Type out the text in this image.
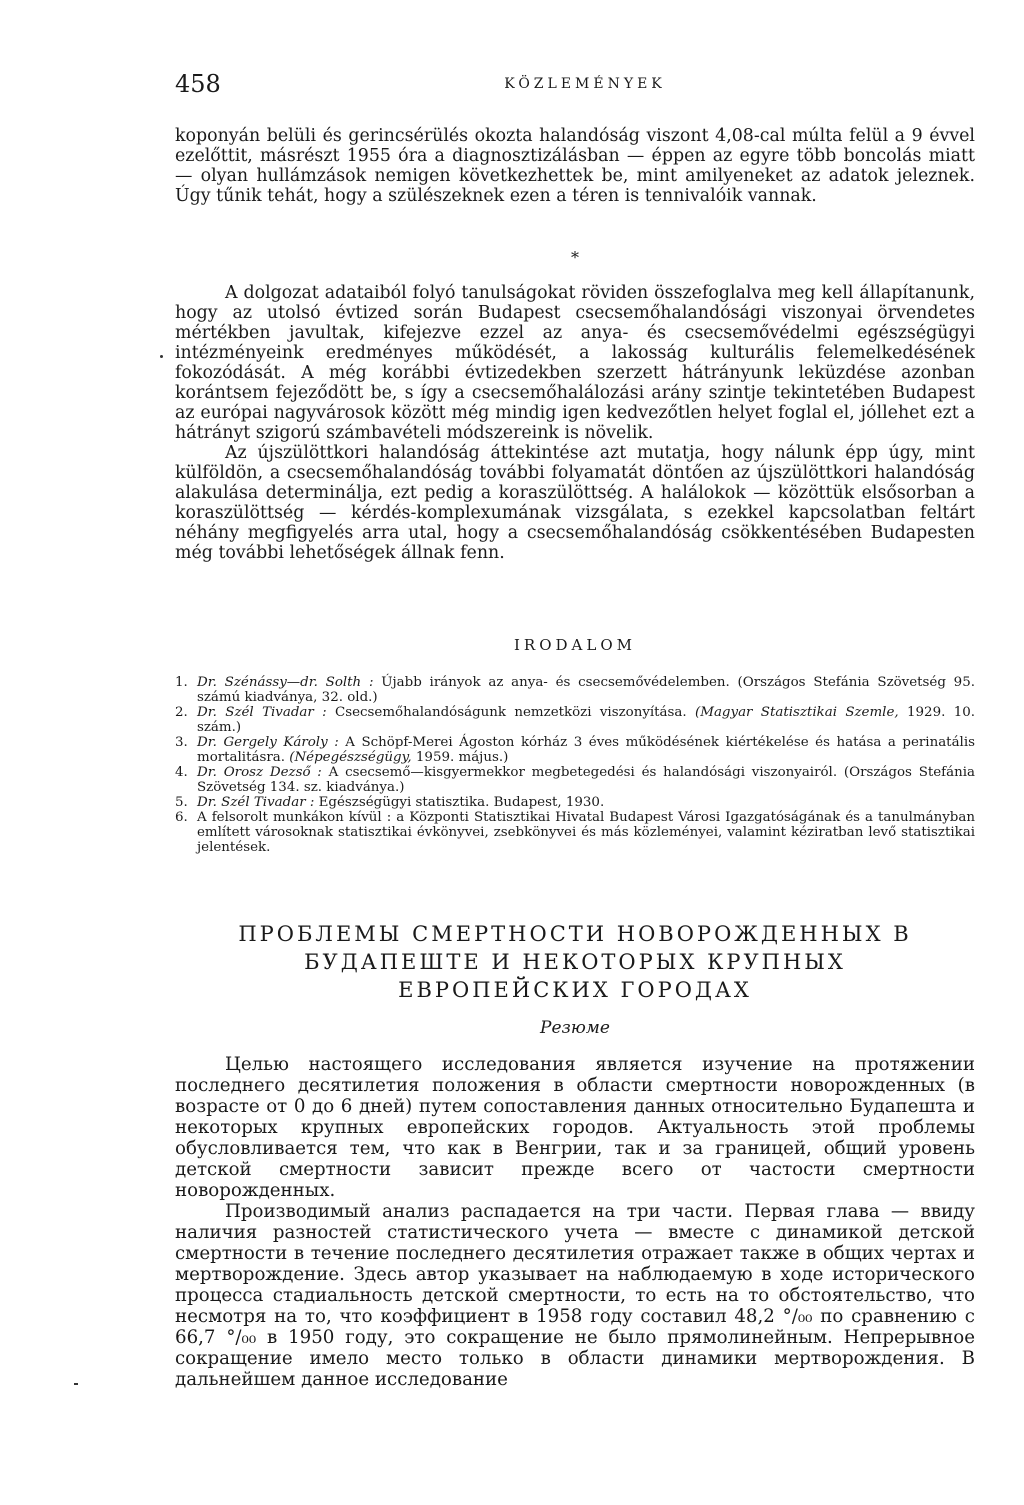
458	KÖZLEMÉNYEK

koponyán belüli és gerincsérülés okozta halandóság viszont 4,08-cal múlta felül a 9 évvel ezelőttit, másrészt 1955 óra a diagnosztizálásban — éppen az egyre több boncolás miatt — olyan hullámzások nemigen következhettek be, mint amilyeneket az adatok jeleznek. Úgy tűnik tehát, hogy a szülészeknek ezen a téren is tennivalóik vannak.

*

A dolgozat adataiból folyó tanulságokat röviden összefoglalva meg kell állapítanunk, hogy az utolsó évtized során Budapest csecsemőhalandósági viszonyai örvendetes mértékben javultak, kifejezve ezzel az anya- és csecsemővédelmi egészségügyi intézményeink eredményes működését, a lakosság kulturális felemelkedésének fokozódását. A még korábbi évtizedekben szerzett hátrányunk leküzdése azonban korántsem fejeződött be, s így a csecsemőhalálozási arány szintje tekintetében Budapest az európai nagyvárosok között még mindig igen kedvezőtlen helyet foglal el, jóllehet ezt a hátrányt szigorú számbavételi módszereink is növelik.

Az újszülöttkori halandóság áttekintése azt mutatja, hogy nálunk épp úgy, mint külföldön, a csecsemőhalandóság további folyamatát döntően az újszülöttkori halandóság alakulása determinálja, ezt pedig a koraszülöttség. A halálokok — közöttük elsősorban a koraszülöttség — kérdés-komplexumának vizsgálata, s ezekkel kapcsolatban feltárt néhány megfigyelés arra utal, hogy a csecsemőhalandóság csökkentésében Budapesten még további lehetőségek állnak fenn.

IRODALOM
1. Dr. Szénássy—dr. Solth : Újabb irányok az anya- és csecsemővédelemben. (Országos Stefánia Szövetség 95. számú kiadványa, 32. old.)
2. Dr. Szél Tivadar : Csecsemőhalandóságunk nemzetközi viszonyítása. (Magyar Statisztikai Szemle, 1929. 10. szám.)
3. Dr. Gergely Károly : A Schöpf-Merei Ágoston kórház 3 éves működésének kiértékelése és hatása a perinatális mortalitásra. (Népegészségügy, 1959. május.)
4. Dr. Orosz Dezső : A csecsemő—kisgyermekkor megbetegedési és halandósági viszonyairól. (Országos Stefánia Szövetség 134. sz. kiadványa.)
5. Dr. Szél Tivadar : Egészségügyi statisztika. Budapest, 1930.
6. A felsorolt munkákon kívül : a Központi Statisztikai Hivatal Budapest Városi Igazgatóságának és a tanulmányban említett városoknak statisztikai évkönyvei, zsebkönyvei és más közleményei, valamint kéziratban levő statisztikai jelentések.
ПРОБЛЕМЫ СМЕРТНОСТИ НОВОРОЖДЕННЫХ В
БУДАПЕШТЕ И НЕКОТОРЫХ КРУПНЫХ
ЕВРОПЕЙСКИХ ГОРОДАХ
Резюме

Целью настоящего исследования является изучение на протяжении последнего десятилетия положения в области смертности новорожденных (в возрасте от 0 до 6 дней) путем сопоставления данных относительно Будапешта и некоторых крупных европейских городов. Актуальность этой проблемы обусловливается тем, что как в Венгрии, так и за границей, общий уровень детской смертности зависит прежде всего от частости смертности новорожденных.

Производимый анализ распадается на три части. Первая глава — ввиду наличия разностей статистического учета — вместе с динамикой детской смертности в течение последнего десятилетия отражает также в общих чертах и мертворождение. Здесь автор указывает на наблюдаемую в ходе исторического процесса стадиальность детской смертности, то есть на то обстоятельство, что несмотря на то, что коэффициент в 1958 году составил 48,2 °/₀₀ по сравнению с 66,7 °/₀₀ в 1950 году, это сокращение не было прямолинейным. Непрерывное сокращение имело место только в области динамики мертворождения. В дальнейшем данное исследование
